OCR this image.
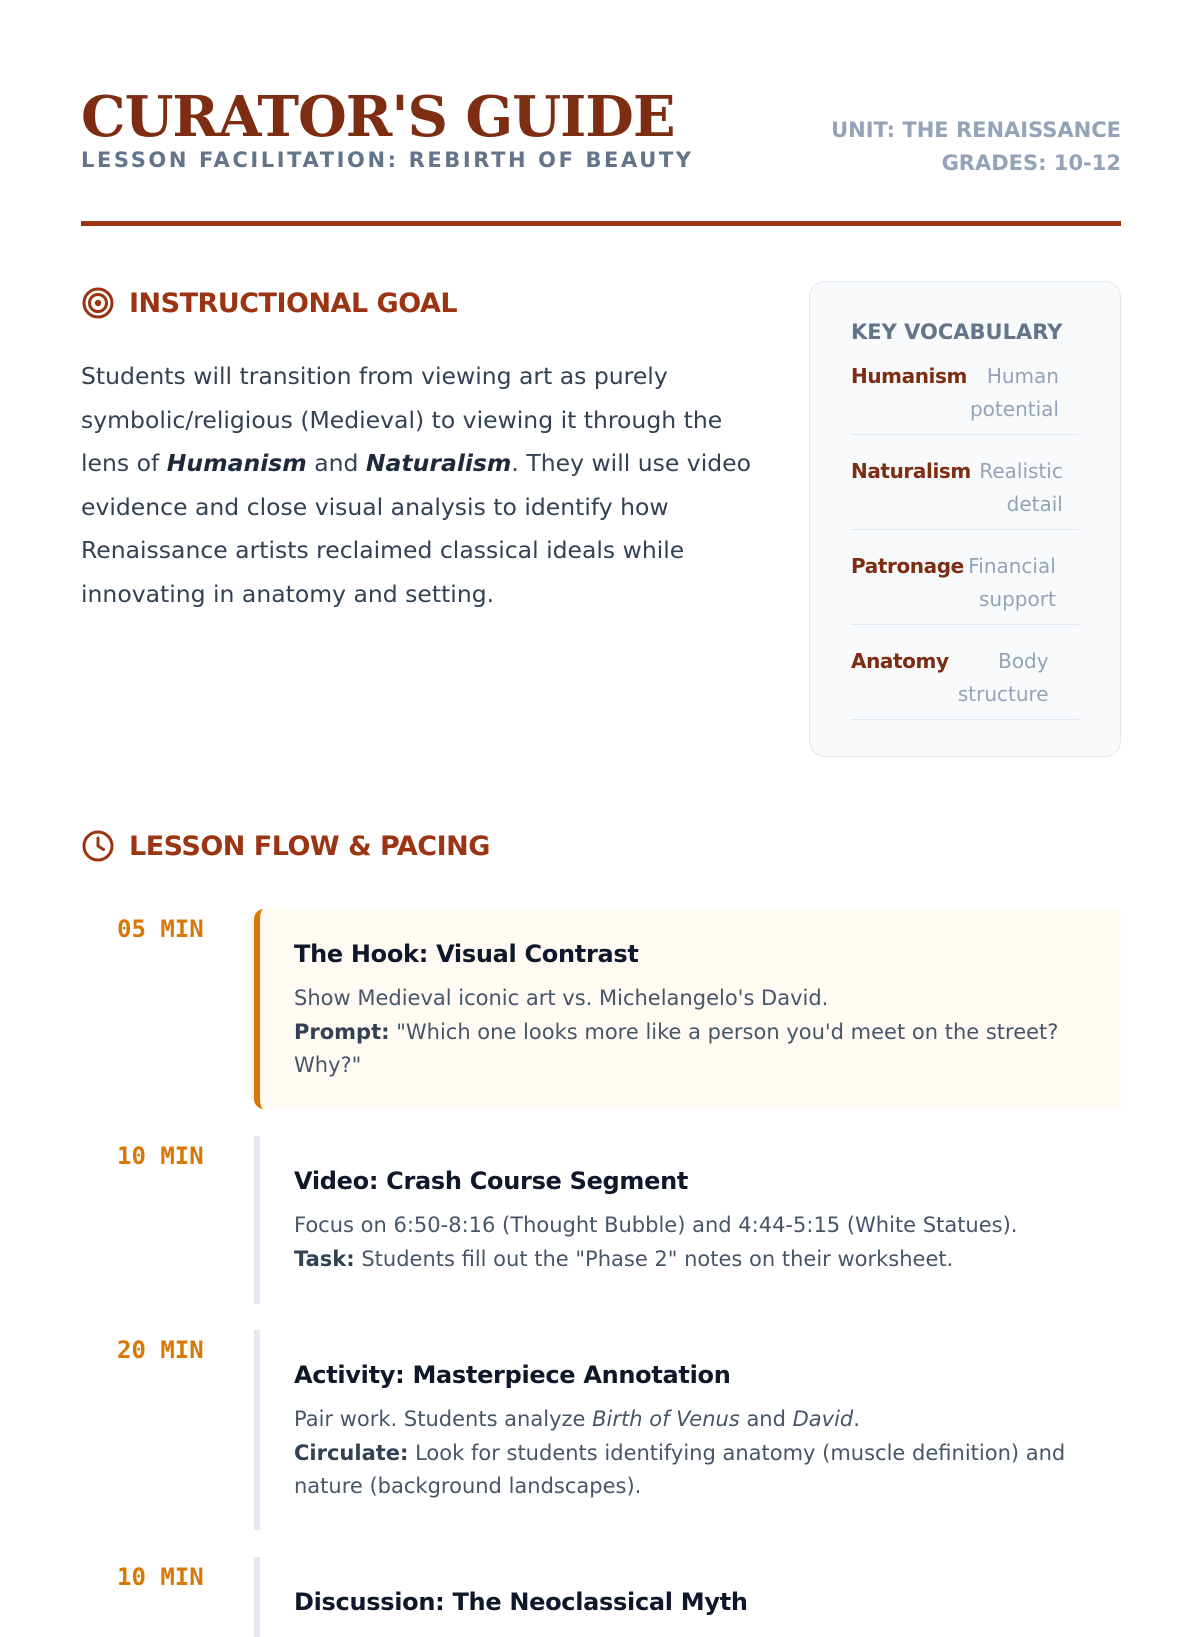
CURATOR'S GUIDE
LESSON FACILITATION: REBIRTH OF BEAUTY
UNIT: THE RENAISSANCE
GRADES: 10-12
INSTRUCTIONAL GOAL
Students will transition from viewing art as purely symbolic/religious (Medieval) to viewing it through the lens of Humanism and Naturalism. They will use video evidence and close visual analysis to identify how Renaissance artists reclaimed classical ideals while innovating in anatomy and setting.
KEY VOCABULARY
Humanism Human potential
Naturalism Realistic detail
Patronage Financial support
Anatomy	Body structure
LESSON FLOW & PACING
05 MIN
The Hook: Visual Contrast

Show Medieval iconic art vs. Michelangelo's David.
Prompt: "Which one looks more like a person you'd meet on the street? Why?"

10 MIN
Video: Crash Course Segment

Focus on 6:50-8:16 (Thought Bubble) and 4:44-5:15 (White Statues).
Task: Students fill out the "Phase 2" notes on their worksheet.

20 MIN
Activity: Masterpiece Annotation

Pair work. Students analyze Birth of Venus and David.
Circulate: Look for students identifying anatomy (muscle definition) and nature (background landscapes).

10 MIN
Discussion: The Neoclassical Myth
